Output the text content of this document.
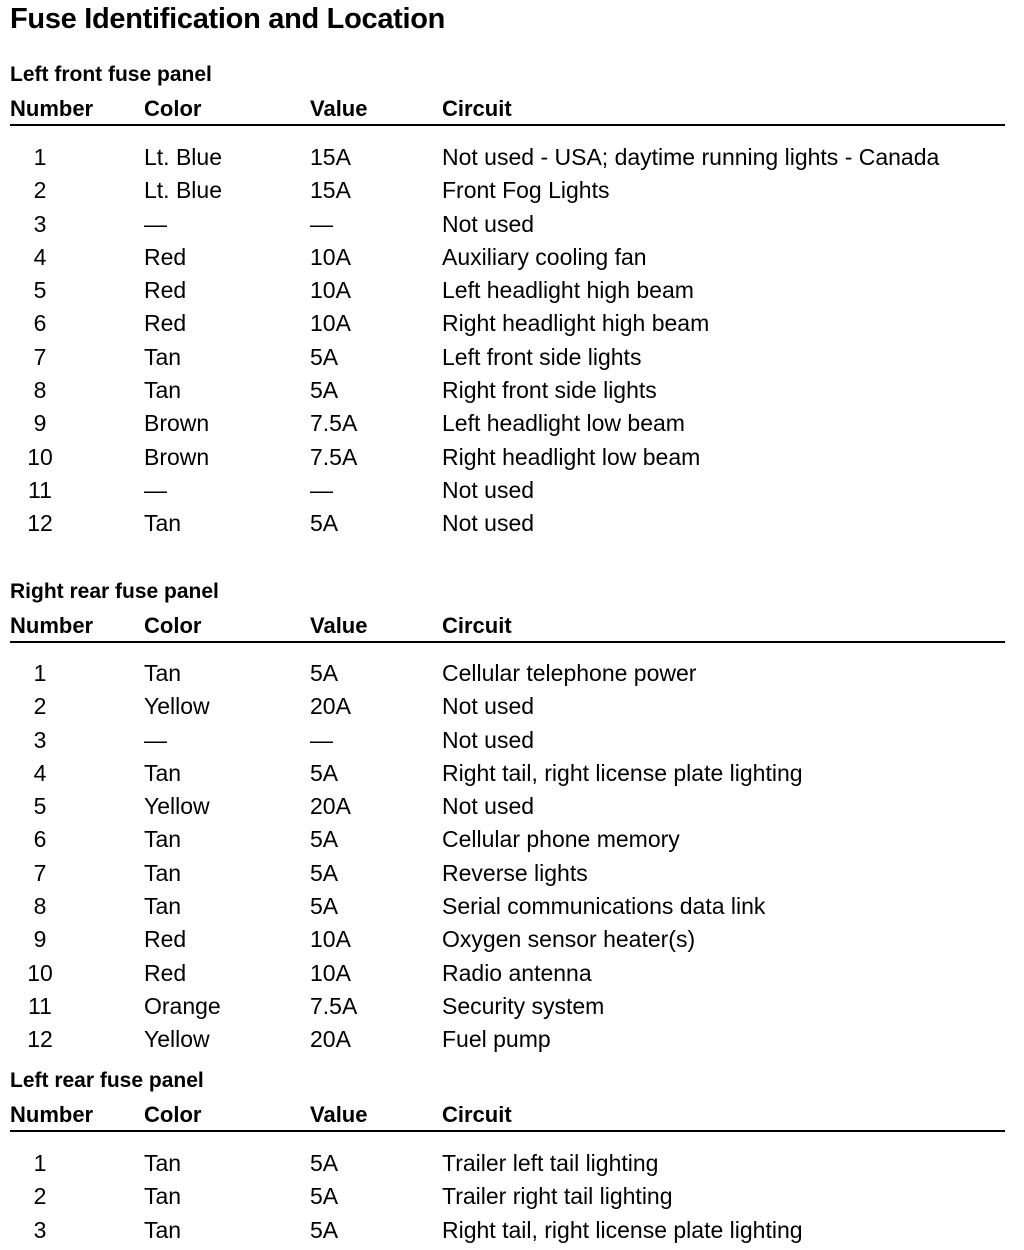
Fuse Identification and Location
Left front fuse panel
Number Color	Value	Circuit
1	Lt. Blue	15A	Not used - USA; daytime running lights - Canada
2	Lt. Blue	15A	Front Fog Lights
3	—	—	Not used
4	Red	10A	Auxiliary cooling fan
5	Red	10A	Left headlight high beam
6	Red	10A	Right headlight high beam
7	Tan	5A	Left front side lights
8	Tan	5A	Right front side lights
9	Brown	7.5A	Left headlight low beam
10	Brown	7.5A	Right headlight low beam
11	—	—	Not used
12	Tan	5A	Not used
Right rear fuse panel
Number Color	Value	Circuit
1	Tan	5A	Cellular telephone power
2	Yellow	20A	Not used
3	—	—	Not used
4	Tan	5A	Right tail, right license plate lighting
5	Yellow	20A	Not used
6	Tan	5A	Cellular phone memory
7	Tan	5A	Reverse lights
8	Tan	5A	Serial communications data link
9	Red	10A	Oxygen sensor heater(s)
10	Red	10A	Radio antenna
11	Orange	7.5A	Security system
12	Yellow	20A	Fuel pump
Left rear fuse panel
Number Color	Value	Circuit
1	Tan	5A	Trailer left tail lighting
2	Tan	5A	Trailer right tail lighting
3	Tan	5A	Right tail, right license plate lighting
